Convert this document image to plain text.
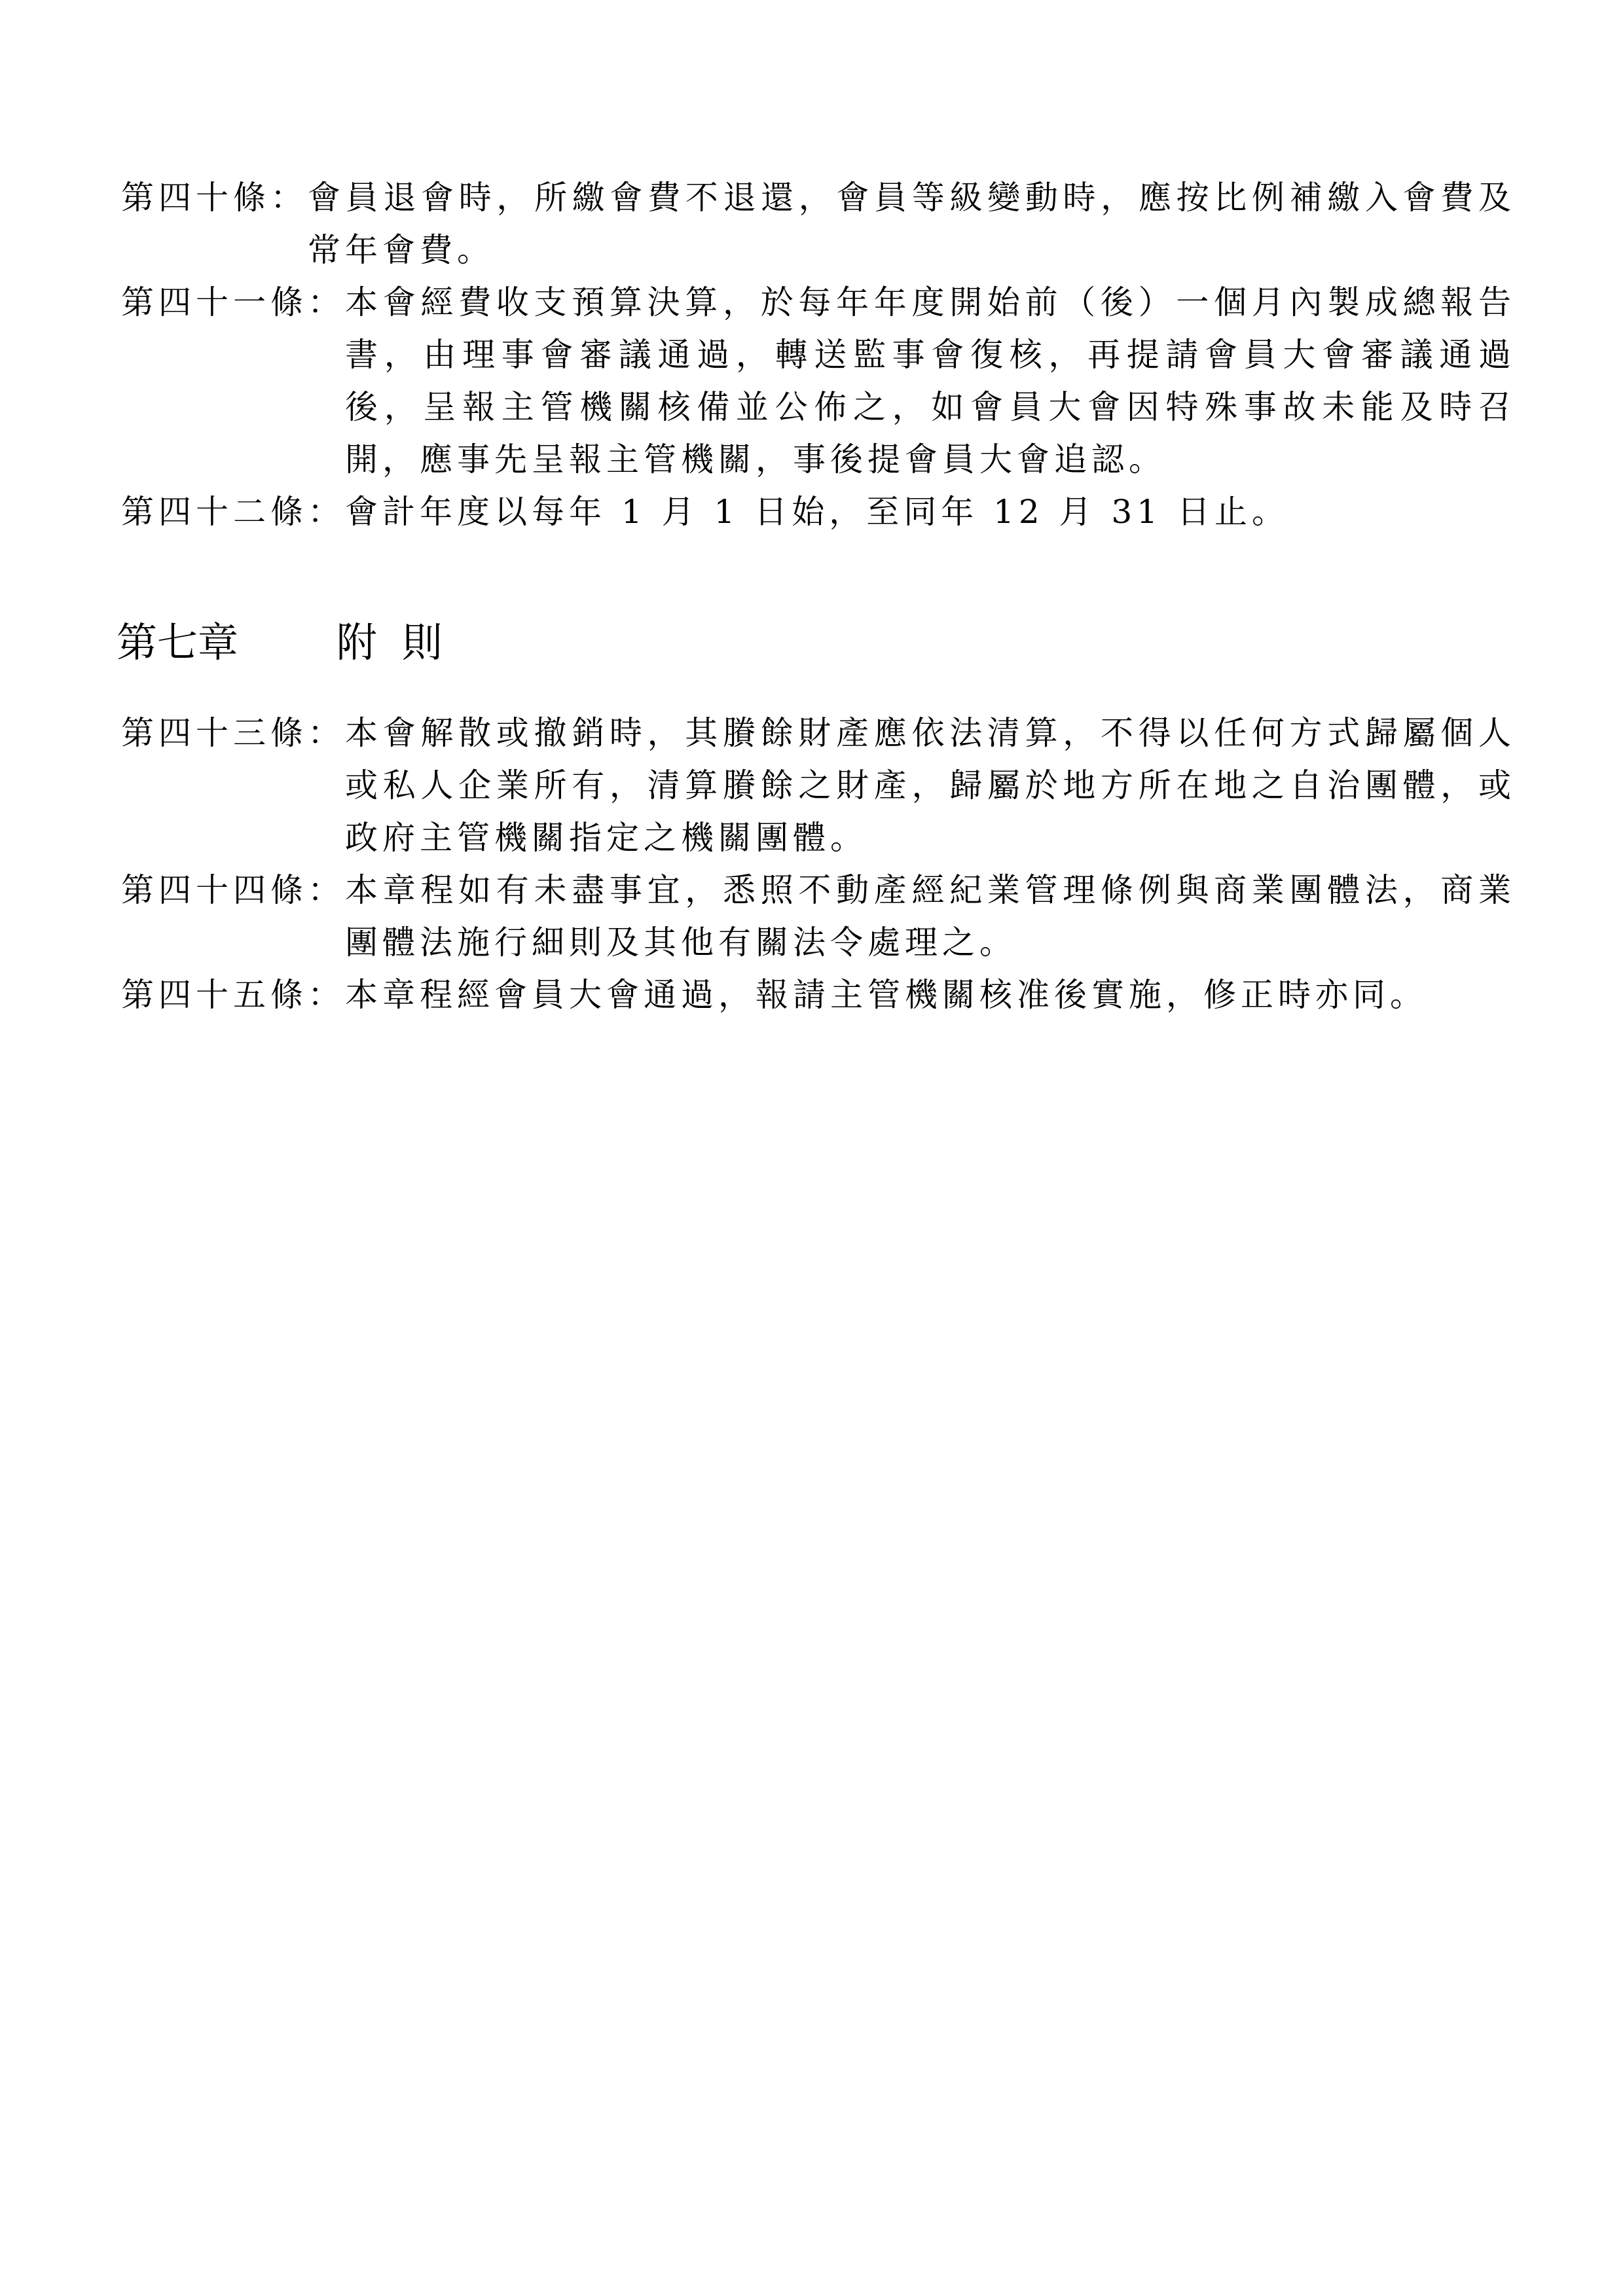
第四十條： 會員退會時，所繳會費不退還，會員等級變動時，應按比例補繳入會費及常年會費。
第四十一條： 本會經費收支預算決算，於每年年度開始前（後）一個月內製成總報告書，由理事會審議通過，轉送監事會復核，再提請會員大會審議通過後，呈報主管機關核備並公佈之，如會員大會因特殊事故未能及時召開，應事先呈報主管機關，事後提會員大會追認。
第四十二條： 會計年度以每年 1 月 1 日始，至同年 12 月 31 日止。
第七章 附則
第四十三條： 本會解散或撤銷時，其賸餘財產應依法清算，不得以任何方式歸屬個人或私人企業所有，清算賸餘之財產，歸屬於地方所在地之自治團體，或政府主管機關指定之機關團體。
第四十四條： 本章程如有未盡事宜，悉照不動產經紀業管理條例與商業團體法，商業團體法施行細則及其他有關法令處理之。
第四十五條： 本章程經會員大會通過，報請主管機關核准後實施，修正時亦同。
